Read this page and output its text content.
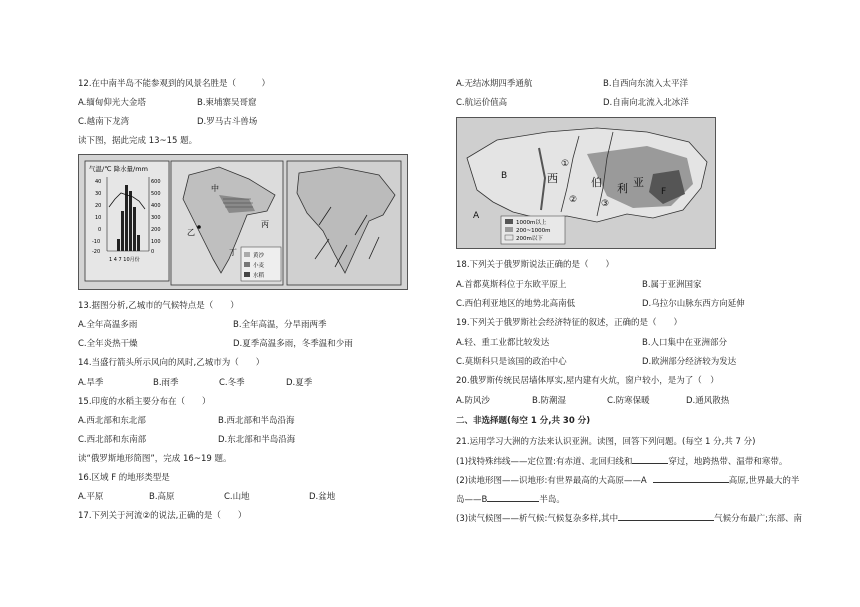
12.在中南半岛不能参观到的风景名胜是（　　　）
A.缅甸仰光大金塔	B.柬埔寨吴哥窟
C.越南下龙湾	D.罗马古斗兽场
读下图，据此完成 13~15 题。
气温/℃ 降水量/mm
40
30
20
10
0
-10
-20
600
500
400
300
200
100
0
1 4 7 10月份
中
丙
乙
丁	黄沙
小麦
水稻
13.据图分析,乙城市的气候特点是（　　）
A.全年高温多雨	B.全年高温，分旱雨两季
C.全年炎热干燥	D.夏季高温多雨，冬季温和少雨
14.当盛行箭头所示风向的风时,乙城市为（　　）
A.旱季	B.雨季	C.冬季	D.夏季
15.印度的水稻主要分布在（　　）
A.西北部和东北部	B.西北部和半岛沿海
C.西北部和东南部	D.东北部和半岛沿海
读“俄罗斯地形简图”，完成 16~19 题。
16.区域 F 的地形类型是
A.平原	B.高原	C.山地	D.盆地
17.下列关于河流②的说法,正确的是（　　）
A.无结冰期四季通航	B.自西向东流入太平洋
C.航运价值高	D.自南向北流入北冰洋
西	伯 利 亚
①
②	③
F
A
B
1000m以上
200~1000m
200m以下
18.下列关于俄罗斯说法正确的是（　　）
A.首都莫斯科位于东欧平原上	B.属于亚洲国家
C.西伯利亚地区的地势北高南低	D.乌拉尔山脉东西方向延伸
19.下列关于俄罗斯社会经济特征的叙述，正确的是（　　）
A.轻、重工业都比较发达	B.人口集中在亚洲部分
C.莫斯科只是该国的政治中心	D.欧洲部分经济较为发达
20.俄罗斯传统民居墙体厚实,屋内建有火炕，窗户较小，是为了（　）
A.防风沙	B.防潮湿	C.防寒保暖	D.通风散热
二、非选择题(每空 1 分,共 30 分)
21.运用学习大洲的方法来认识亚洲。读图，回答下列问题。(每空 1 分,共 7 分)
(1)找特殊纬线——定位置:有赤道、北回归线和	穿过，地跨热带、温带和寒带。
(2)读地形图——识地形:有世界最高的大高原——A	高原,世界最大的半
岛——B	半岛。
(3)读气候图——析气候:气候复杂多样,其中	气候分布最广;东部、南
